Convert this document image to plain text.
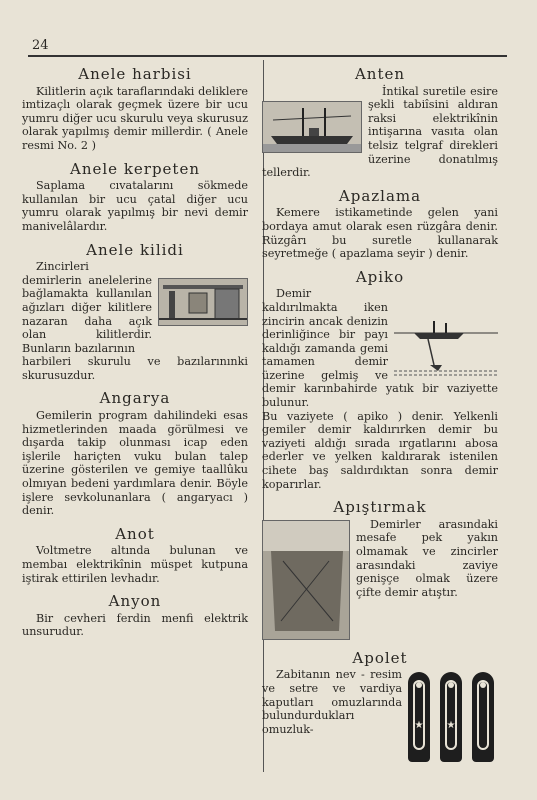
24
Anele harbisi

Kilitlerin açık taraflarındaki deliklere imtizaçlı olarak geçmek üzere bir ucu yumru diğer ucu skurulu veya skurusuz olarak yapılmış demir millerdir. ( Anele resmi No. 2 )

Anele kerpeten

Saplama cıvatalarını sökmede kullanılan bir ucu çatal diğer ucu yumru olarak yapılmış bir nevi demir manivelâlardır.

Anele kilidi

Zincirleri demirlerin anelelerine bağlamakta kullanılan ağızları diğer kilitlere nazaran daha açık olan kilitlerdir. Bunların bazılarının

harbileri skurulu ve bazılarınınki skurusuzdur.

Angarya

Gemilerin program dahilindeki esas hizmetlerinden maada görülmesi ve dışarda takip olunması icap eden işlerile hariçten vuku bulan talep üzerine gösterilen ve gemiye taallûku olmıyan bedeni yardımlara denir. Böyle işlere sevkolunanlara ( angaryacı ) denir.

Anot

Voltmetre altında bulunan ve membaı elektrikînin müspet kutpuna iştirak ettirilen levhadır.

Anyon

Bir cevheri ferdin menfi elektrik unsurudur.

Anten

İntikal suretile esire şekli tabiîsini aldıran raksi elektrikînin intişarına vasıta olan telsiz telgraf direkleri üzerine donatılmış tellerdir.

Apazlama

Kemere istikametinde gelen yani bordaya amut olarak esen rüzgâra denir. Rüzgârı bu suretle kullanarak seyretmeğe ( apazlama seyir ) denir.

Apiko

Demir kaldırılmakta iken zincirin ancak denizin derinliğince bir payı kaldığı zamanda gemi tamamen demir üzerine gelmiş ve demir karınbahirde yatık bir vaziyette bulunur.

Bu vaziyete ( apiko ) denir. Yelkenli gemiler demir kaldırırken demir bu vaziyeti aldığı sırada ırgatlarını abosa ederler ve yelken kaldırarak istenilen cihete baş saldırdıktan sonra demir koparırlar.

Apıştırmak

Demirler arasındaki mesafe pek yakın olmamak ve zincirler arasındaki zaviye genişçe olmak üzere çifte demir atıştır.

Apolet
★	★

Zabitanın nev - resim ve setre ve vardiya kaputları omuzlarında bulundurdukları omuzluk-
